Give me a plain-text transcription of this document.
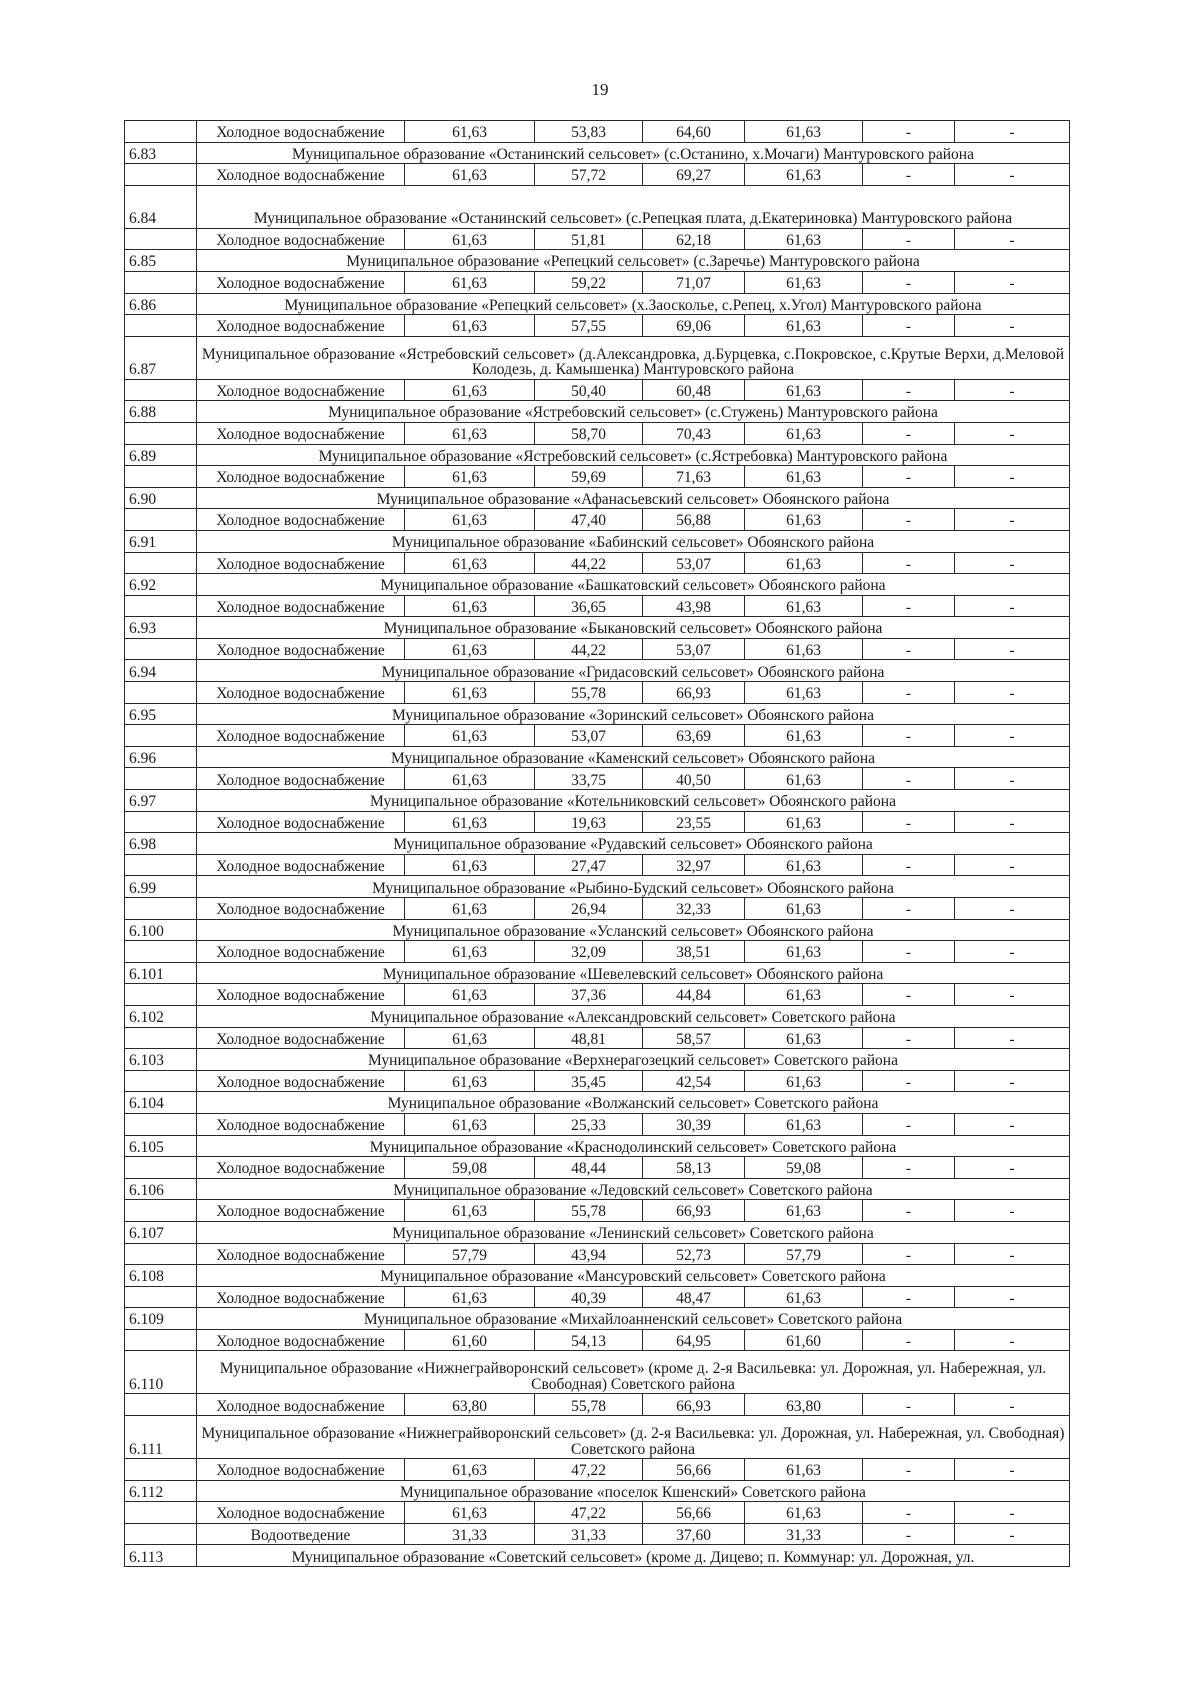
19
	Холодное водоснабжение	61,63	53,83	64,60	61,63	-	-
6.83	Муниципальное образование «Останинский сельсовет» (с.Останино, х.Мочаги) Мантуровского района						
	Холодное водоснабжение	61,63	57,72	69,27	61,63	-	-
6.84	Муниципальное образование «Останинский сельсовет» (с.Репецкая плата, д.Екатериновка) Мантуровского района						
	Холодное водоснабжение	61,63	51,81	62,18	61,63	-	-
6.85	Муниципальное образование «Репецкий сельсовет» (с.Заречье) Мантуровского района						
	Холодное водоснабжение	61,63	59,22	71,07	61,63	-	-
6.86	Муниципальное образование «Репецкий сельсовет» (х.Заосколье, с.Репец, х.Угол) Мантуровского района						
	Холодное водоснабжение	61,63	57,55	69,06	61,63	-	-
6.87	Муниципальное образование «Ястребовский сельсовет» (д.Александровка, д.Бурцевка, с.Покровское, с.Крутые Верхи, д.Меловой Колодезь, д. Камышенка) Мантуровского района						
	Холодное водоснабжение	61,63	50,40	60,48	61,63	-	-
6.88	Муниципальное образование «Ястребовский сельсовет» (с.Стужень) Мантуровского района						
	Холодное водоснабжение	61,63	58,70	70,43	61,63	-	-
6.89	Муниципальное образование «Ястребовский сельсовет» (с.Ястребовка) Мантуровского района						
	Холодное водоснабжение	61,63	59,69	71,63	61,63	-	-
6.90	Муниципальное образование «Афанасьевский сельсовет» Обоянского района						
	Холодное водоснабжение	61,63	47,40	56,88	61,63	-	-
6.91	Муниципальное образование «Бабинский сельсовет» Обоянского района						
	Холодное водоснабжение	61,63	44,22	53,07	61,63	-	-
6.92	Муниципальное образование «Башкатовский сельсовет» Обоянского района						
	Холодное водоснабжение	61,63	36,65	43,98	61,63	-	-
6.93	Муниципальное образование «Быкановский сельсовет» Обоянского района						
	Холодное водоснабжение	61,63	44,22	53,07	61,63	-	-
6.94	Муниципальное образование «Гридасовский сельсовет» Обоянского района						
	Холодное водоснабжение	61,63	55,78	66,93	61,63	-	-
6.95	Муниципальное образование «Зоринский сельсовет» Обоянского района						
	Холодное водоснабжение	61,63	53,07	63,69	61,63	-	-
6.96	Муниципальное образование «Каменский сельсовет» Обоянского района						
	Холодное водоснабжение	61,63	33,75	40,50	61,63	-	-
6.97	Муниципальное образование «Котельниковский сельсовет» Обоянского района						
	Холодное водоснабжение	61,63	19,63	23,55	61,63	-	-
6.98	Муниципальное образование «Рудавский сельсовет» Обоянского района						
	Холодное водоснабжение	61,63	27,47	32,97	61,63	-	-
6.99	Муниципальное образование «Рыбино-Будский сельсовет» Обоянского района						
	Холодное водоснабжение	61,63	26,94	32,33	61,63	-	-
6.100	Муниципальное образование «Усланский сельсовет» Обоянского района						
	Холодное водоснабжение	61,63	32,09	38,51	61,63	-	-
6.101	Муниципальное образование «Шевелевский сельсовет» Обоянского района						
	Холодное водоснабжение	61,63	37,36	44,84	61,63	-	-
6.102	Муниципальное образование «Александровский сельсовет» Советского района						
	Холодное водоснабжение	61,63	48,81	58,57	61,63	-	-
6.103	Муниципальное образование «Верхнерагозецкий сельсовет» Советского района						
	Холодное водоснабжение	61,63	35,45	42,54	61,63	-	-
6.104	Муниципальное образование «Волжанский сельсовет» Советского района						
	Холодное водоснабжение	61,63	25,33	30,39	61,63	-	-
6.105	Муниципальное образование «Краснодолинский сельсовет» Советского района						
	Холодное водоснабжение	59,08	48,44	58,13	59,08	-	-
6.106	Муниципальное образование «Ледовский сельсовет» Советского района						
	Холодное водоснабжение	61,63	55,78	66,93	61,63	-	-
6.107	Муниципальное образование «Ленинский сельсовет» Советского района						
	Холодное водоснабжение	57,79	43,94	52,73	57,79	-	-
6.108	Муниципальное образование «Мансуровский сельсовет» Советского района						
	Холодное водоснабжение	61,63	40,39	48,47	61,63	-	-
6.109	Муниципальное образование «Михайлоанненский сельсовет» Советского района						
	Холодное водоснабжение	61,60	54,13	64,95	61,60	-	-
6.110	Муниципальное образование «Нижнеграйворонский сельсовет» (кроме д. 2-я Васильевка: ул. Дорожная, ул. Набережная, ул. Свободная) Советского района						
	Холодное водоснабжение	63,80	55,78	66,93	63,80	-	-
6.111	Муниципальное образование «Нижнеграйворонский сельсовет» (д. 2-я Васильевка: ул. Дорожная, ул. Набережная, ул. Свободная) Советского района						
	Холодное водоснабжение	61,63	47,22	56,66	61,63	-	-
6.112	Муниципальное образование «поселок Кшенский» Советского района						
	Холодное водоснабжение	61,63	47,22	56,66	61,63	-	-
	Водоотведение	31,33	31,33	37,60	31,33	-	-
6.113	Муниципальное образование «Советский сельсовет» (кроме д. Дицево; п. Коммунар: ул. Дорожная, ул.						
